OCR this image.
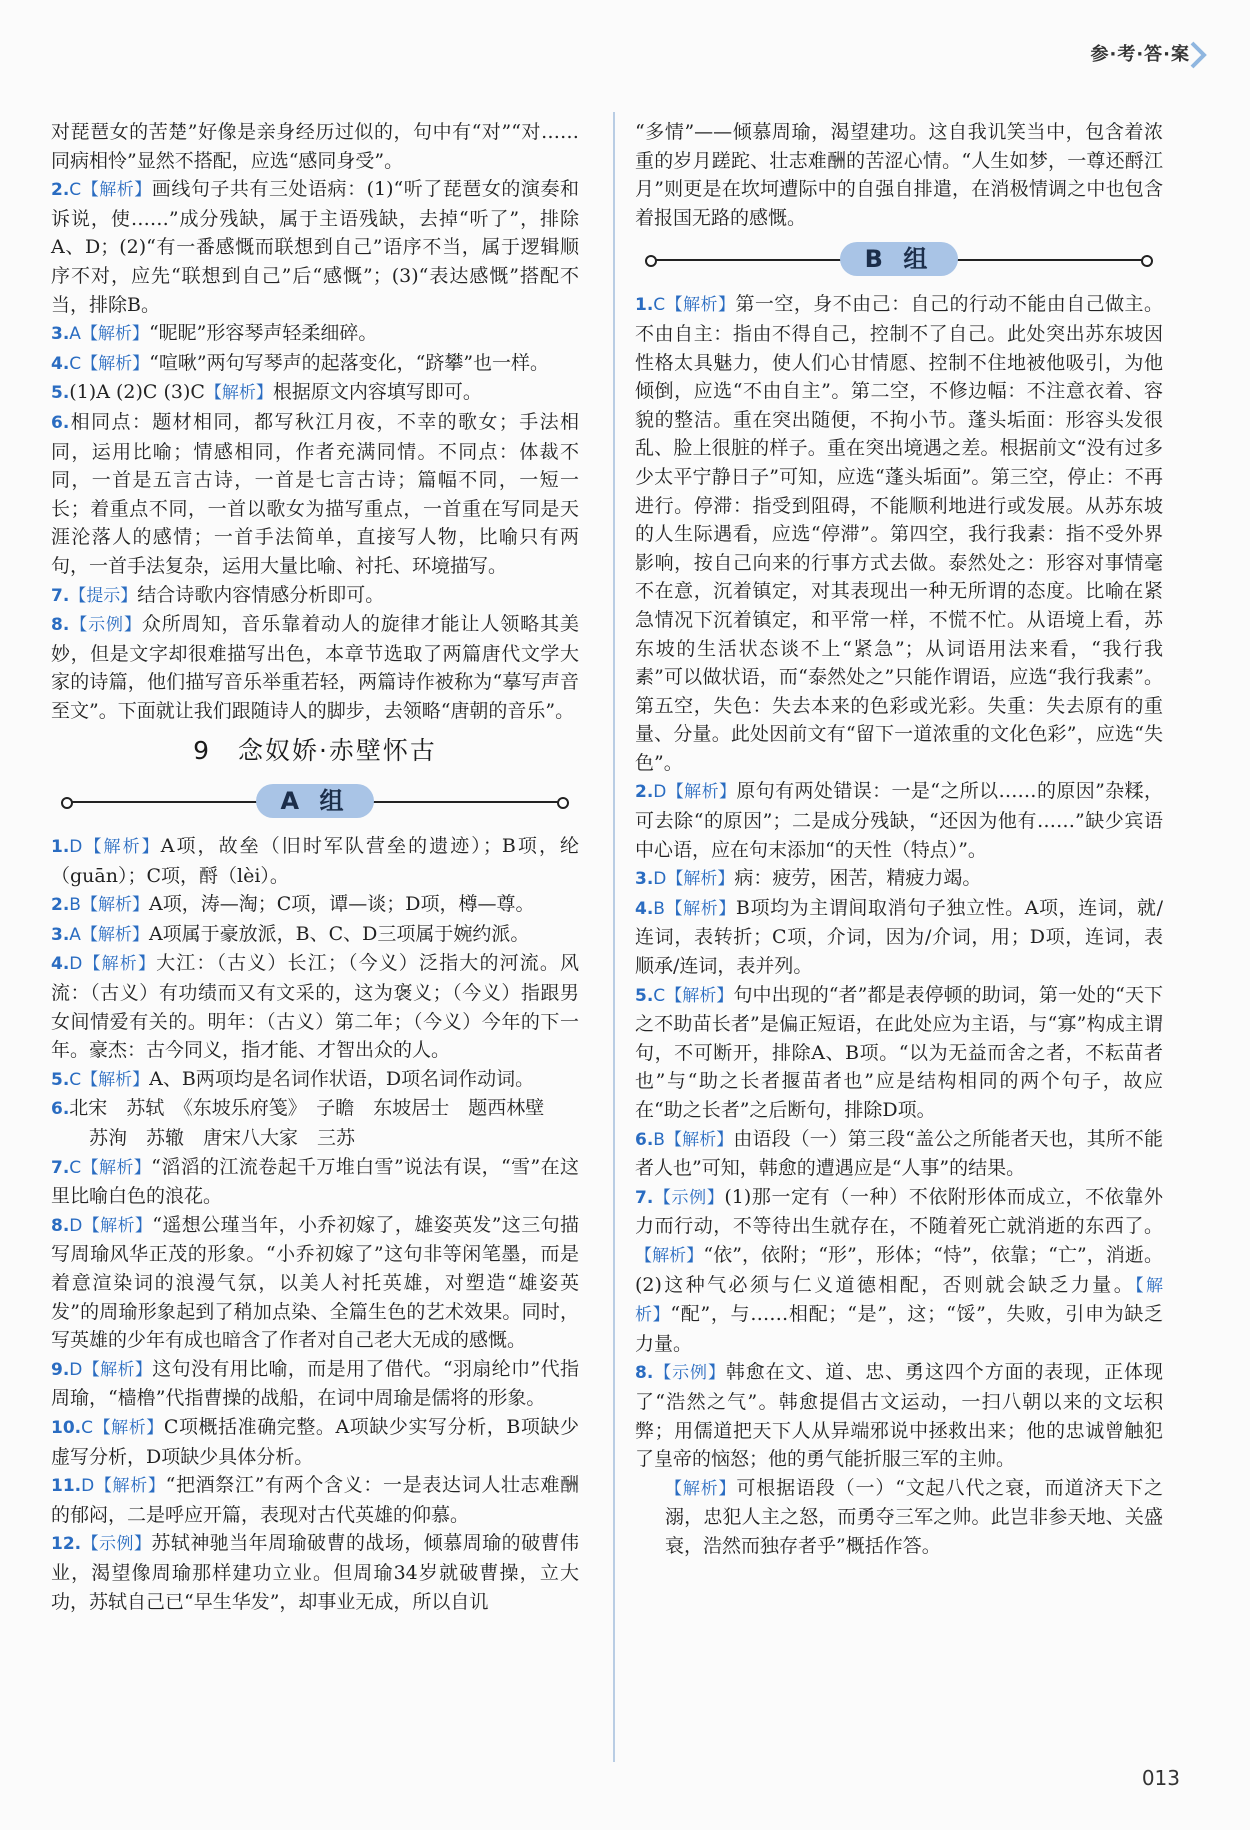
参·考·答·案

对琵琶女的苦楚”好像是亲身经历过似的，句中有“对”“对……同病相怜”显然不搭配，应选“感同身受”。

2.C【解析】画线句子共有三处语病：(1)“听了琵琶女的演奏和诉说，使……”成分残缺，属于主语残缺，去掉“听了”，排除A、D；(2)“有一番感慨而联想到自己”语序不当，属于逻辑顺序不对，应先“联想到自己”后“感慨”；(3)“表达感慨”搭配不当，排除B。

3.A【解析】“昵昵”形容琴声轻柔细碎。

4.C【解析】“喧啾”两句写琴声的起落变化，“跻攀”也一样。

5.(1)A (2)C (3)C【解析】根据原文内容填写即可。

6.相同点：题材相同，都写秋江月夜，不幸的歌女；手法相同，运用比喻；情感相同，作者充满同情。不同点：体裁不同，一首是五言古诗，一首是七言古诗；篇幅不同，一短一长；着重点不同，一首以歌女为描写重点，一首重在写同是天涯沦落人的感情；一首手法简单，直接写人物，比喻只有两句，一首手法复杂，运用大量比喻、衬托、环境描写。

7.【提示】结合诗歌内容情感分析即可。

8.【示例】众所周知，音乐靠着动人的旋律才能让人领略其美妙，但是文字却很难描写出色，本章节选取了两篇唐代文学大家的诗篇，他们描写音乐举重若轻，两篇诗作被称为“摹写声音至文”。下面就让我们跟随诗人的脚步，去领略“唐朝的音乐”。

9　念奴娇·赤壁怀古
A 组

1.D【解析】A项，故垒（旧时军队营垒的遗迹）；B项，纶（guān）；C项，酹（lèi）。

2.B【解析】A项，涛—淘；C项，谭—谈；D项，樽—尊。

3.A【解析】A项属于豪放派，B、C、D三项属于婉约派。

4.D【解析】大江：（古义）长江；（今义）泛指大的河流。风流：（古义）有功绩而又有文采的，这为褒义；（今义）指跟男女间情爱有关的。明年：（古义）第二年；（今义）今年的下一年。豪杰：古今同义，指才能、才智出众的人。

5.C【解析】A、B两项均是名词作状语，D项名词作动词。

6.北宋　苏轼　《东坡乐府笺》　子瞻　东坡居士　题西林壁

苏洵　苏辙　唐宋八大家　三苏

7.C【解析】“滔滔的江流卷起千万堆白雪”说法有误，“雪”在这里比喻白色的浪花。

8.D【解析】“遥想公瑾当年，小乔初嫁了，雄姿英发”这三句描写周瑜风华正茂的形象。“小乔初嫁了”这句非等闲笔墨，而是着意渲染词的浪漫气氛，以美人衬托英雄，对塑造“雄姿英发”的周瑜形象起到了稍加点染、全篇生色的艺术效果。同时，写英雄的少年有成也暗含了作者对自己老大无成的感慨。

9.D【解析】这句没有用比喻，而是用了借代。“羽扇纶巾”代指周瑜，“樯橹”代指曹操的战船，在词中周瑜是儒将的形象。

10.C【解析】C项概括准确完整。A项缺少实写分析，B项缺少虚写分析，D项缺少具体分析。

11.D【解析】“把酒祭江”有两个含义：一是表达词人壮志难酬的郁闷，二是呼应开篇，表现对古代英雄的仰慕。

12.【示例】苏轼神驰当年周瑜破曹的战场，倾慕周瑜的破曹伟业，渴望像周瑜那样建功立业。但周瑜34岁就破曹操，立大功，苏轼自己已“早生华发”，却事业无成，所以自讥

“多情”——倾慕周瑜，渴望建功。这自我讥笑当中，包含着浓重的岁月蹉跎、壮志难酬的苦涩心情。“人生如梦，一尊还酹江月”则更是在坎坷遭际中的自强自排遣，在消极情调之中也包含着报国无路的感慨。

B 组

1.C【解析】第一空，身不由己：自己的行动不能由自己做主。不由自主：指由不得自己，控制不了自己。此处突出苏东坡因性格太具魅力，使人们心甘情愿、控制不住地被他吸引，为他倾倒，应选“不由自主”。第二空，不修边幅：不注意衣着、容貌的整洁。重在突出随便，不拘小节。蓬头垢面：形容头发很乱、脸上很脏的样子。重在突出境遇之差。根据前文“没有过多少太平宁静日子”可知，应选“蓬头垢面”。第三空，停止：不再进行。停滞：指受到阻碍，不能顺利地进行或发展。从苏东坡的人生际遇看，应选“停滞”。第四空，我行我素：指不受外界影响，按自己向来的行事方式去做。泰然处之：形容对事情毫不在意，沉着镇定，对其表现出一种无所谓的态度。比喻在紧急情况下沉着镇定，和平常一样，不慌不忙。从语境上看，苏东坡的生活状态谈不上“紧急”；从词语用法来看，“我行我素”可以做状语，而“泰然处之”只能作谓语，应选“我行我素”。第五空，失色：失去本来的色彩或光彩。失重：失去原有的重量、分量。此处因前文有“留下一道浓重的文化色彩”，应选“失色”。

2.D【解析】原句有两处错误：一是“之所以……的原因”杂糅，可去除“的原因”；二是成分残缺，“还因为他有……”缺少宾语中心语，应在句末添加“的天性（特点）”。

3.D【解析】病：疲劳，困苦，精疲力竭。

4.B【解析】B项均为主谓间取消句子独立性。A项，连词，就/连词，表转折；C项，介词，因为/介词，用；D项，连词，表顺承/连词，表并列。

5.C【解析】句中出现的“者”都是表停顿的助词，第一处的“天下之不助苗长者”是偏正短语，在此处应为主语，与“寡”构成主谓句，不可断开，排除A、B项。“以为无益而舍之者，不耘苗者也”与“助之长者揠苗者也”应是结构相同的两个句子，故应在“助之长者”之后断句，排除D项。

6.B【解析】由语段（一）第三段“盖公之所能者天也，其所不能者人也”可知，韩愈的遭遇应是“人事”的结果。

7.【示例】(1)那一定有（一种）不依附形体而成立，不依靠外力而行动，不等待出生就存在，不随着死亡就消逝的东西了。【解析】“依”，依附；“形”，形体；“恃”，依靠；“亡”，消逝。(2)这种气必须与仁义道德相配，否则就会缺乏力量。【解析】“配”，与……相配；“是”，这；“馁”，失败，引申为缺乏力量。

8.【示例】韩愈在文、道、忠、勇这四个方面的表现，正体现了“浩然之气”。韩愈提倡古文运动，一扫八朝以来的文坛积弊；用儒道把天下人从异端邪说中拯救出来；他的忠诚曾触犯了皇帝的恼怒；他的勇气能折服三军的主帅。

【解析】可根据语段（一）“文起八代之衰，而道济天下之溺，忠犯人主之怒，而勇夺三军之帅。此岂非参天地、关盛衰，浩然而独存者乎”概括作答。

013
